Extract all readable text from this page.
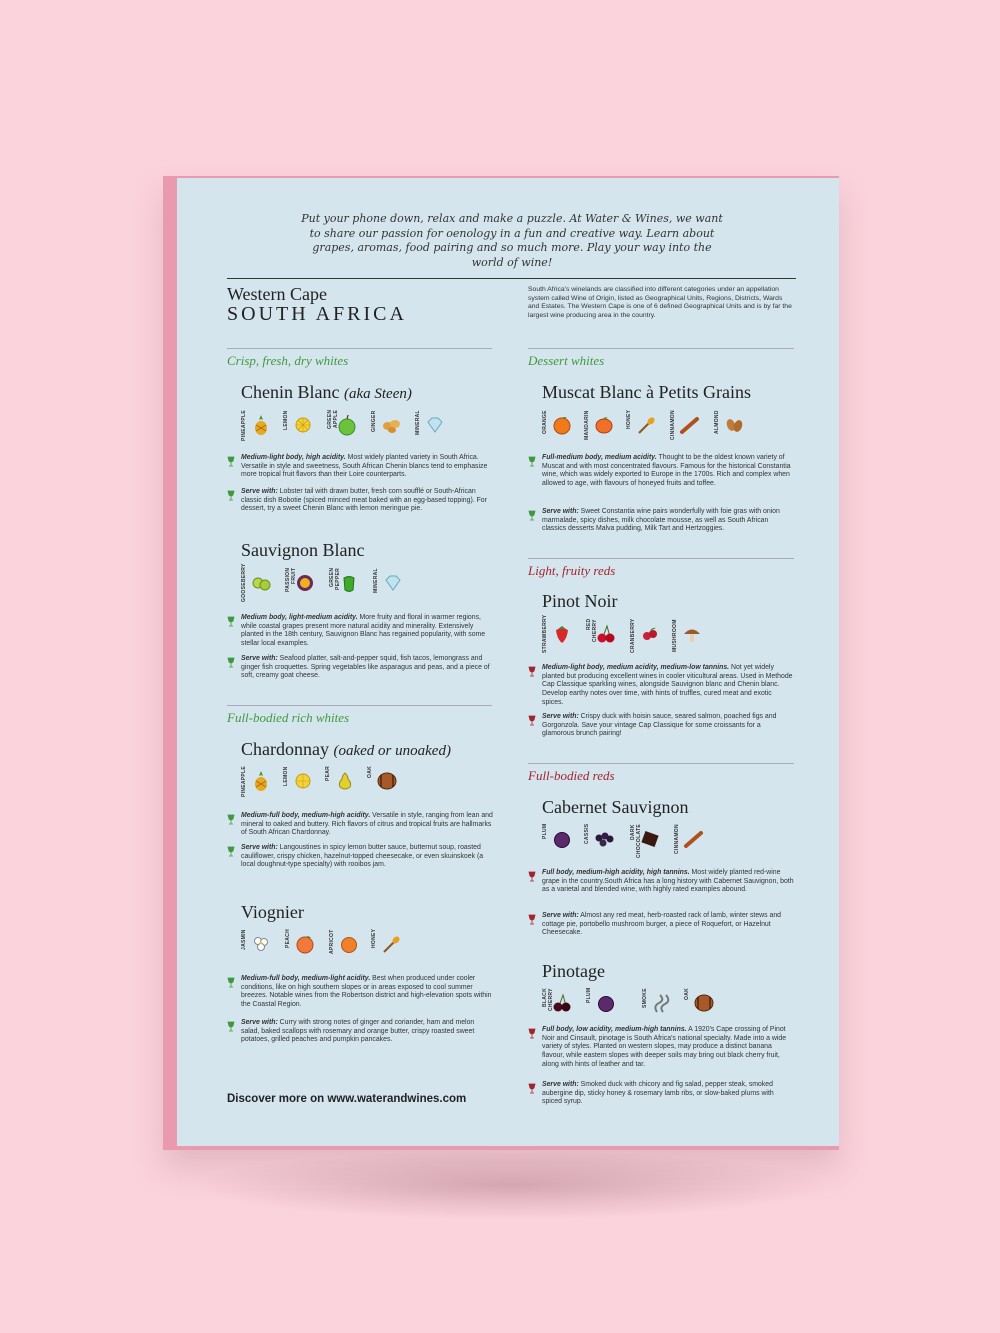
Put your phone down, relax and make a puzzle. At Water & Wines, we want to share our passion for oenology in a fun and creative way. Learn about grapes, aromas, food pairing and so much more. Play your way into the world of wine!
Western Cape
SOUTH AFRICA
South Africa's winelands are classified into different categories under an appellation system called Wine of Origin, listed as Geographical Units, Regions, Districts, Wards and Estates. The Western Cape is one of 6 defined Geographical Units and is by far the largest wine producing area in the country.
Crisp, fresh, dry whites
Chenin Blanc (aka Steen)
PINEAPPLE	LEMON	GREEN APPLE	GINGER	MINERAL
Medium-light body, high acidity. Most widely planted variety in South Africa. Versatile in style and sweetness, South African Chenin blancs tend to emphasize more tropical fruit flavors than their Loire counterparts.
Serve with: Lobster tail with drawn butter, fresh corn soufflé or South-African classic dish Bobotie (spiced minced meat baked with an egg-based topping). For dessert, try a sweet Chenin Blanc with lemon meringue pie.
Sauvignon Blanc
GOOSEBERRY	PASSION FRUIT	GREEN PEPPER	MINERAL
Medium body, light-medium acidity. More fruity and floral in warmer regions, while coastal grapes present more natural acidity and minerality. Extensively planted in the 18th century, Sauvignon Blanc has regained popularity, with some stellar local examples.
Serve with: Seafood platter, salt-and-pepper squid, fish tacos, lemongrass and ginger fish croquettes. Spring vegetables like asparagus and peas, and a piece of soft, creamy goat cheese.
Full-bodied rich whites
Chardonnay (oaked or unoaked)
PINEAPPLE	LEMON	PEAR	OAK
Medium-full body, medium-high acidity. Versatile in style, ranging from lean and mineral to oaked and buttery. Rich flavors of citrus and tropical fruits are hallmarks of South African Chardonnay.
Serve with: Langoustines in spicy lemon butter sauce, butternut soup, roasted cauliflower, crispy chicken, hazelnut-topped cheesecake, or even skuinskoek (a local doughnut-type specialty) with rooibos jam.
Viognier
JASMIN	PEACH	APRICOT	HONEY
Medium-full body, medium-light acidity. Best when produced under cooler conditions, like on high southern slopes or in areas exposed to cool summer breezes. Notable wines from the Robertson district and high-elevation spots within the Coastal Region.
Serve with: Curry with strong notes of ginger and coriander, ham and melon salad, baked scallops with rosemary and orange butter, crispy roasted sweet potatoes, grilled peaches and pumpkin pancakes.
Discover more on www.waterandwines.com
Dessert whites
Muscat Blanc à Petits Grains
ORANGE	MANDARIN	HONEY	CINNAMON	ALMOND
Full-medium body, medium acidity. Thought to be the oldest known variety of Muscat and with most concentrated flavours. Famous for the historical Constantia wine, which was widely exported to Europe in the 1700s. Rich and complex when allowed to age, with flavours of honeyed fruits and toffee.
Serve with: Sweet Constantia wine pairs wonderfully with foie gras with onion marmalade, spicy dishes, milk chocolate mousse, as well as South African classics desserts Malva pudding, Milk Tart and Hertzoggies.
Light, fruity reds
Pinot Noir
STRAWBERRY	RED CHERRY	CRANBERRY	MUSHROOM
Medium-light body, medium acidity, medium-low tannins. Not yet widely planted but producing excellent wines in cooler viticultural areas. Used in Methode Cap Classique sparkling wines, alongside Sauvignon blanc and Chenin blanc. Develop earthy notes over time, with hints of truffles, cured meat and exotic spices.
Serve with: Crispy duck with hoisin sauce, seared salmon, poached figs and Gorgonzola. Save your vintage Cap Classique for some croissants for a glamorous brunch pairing!
Full-bodied reds
Cabernet Sauvignon
PLUM	CASSIS	DARK CHOCOLATE	CINNAMON
Full body, medium-high acidity, high tannins. Most widely planted red-wine grape in the country.South Africa has a long history with Cabernet Sauvignon, both as a varietal and blended wine, with highly rated examples abound.
Serve with: Almost any red meat, herb-roasted rack of lamb, winter stews and cottage pie, portobello mushroom burger, a piece of Roquefort, or Hazelnut Cheesecake.
Pinotage
BLACK CHERRY	PLUM	SMOKE	OAK
Full body, low acidity, medium-high tannins. A 1920's Cape crossing of Pinot Noir and Cinsault, pinotage is South Africa's national specialty. Made into a wide variety of styles. Planted on western slopes, may produce a distinct banana flavour, while eastern slopes with deeper soils may bring out black cherry fruit, along with hints of leather and tar.
Serve with: Smoked duck with chicory and fig salad, pepper steak, smoked aubergine dip, sticky honey & rosemary lamb ribs, or slow-baked plums with spiced syrup.
